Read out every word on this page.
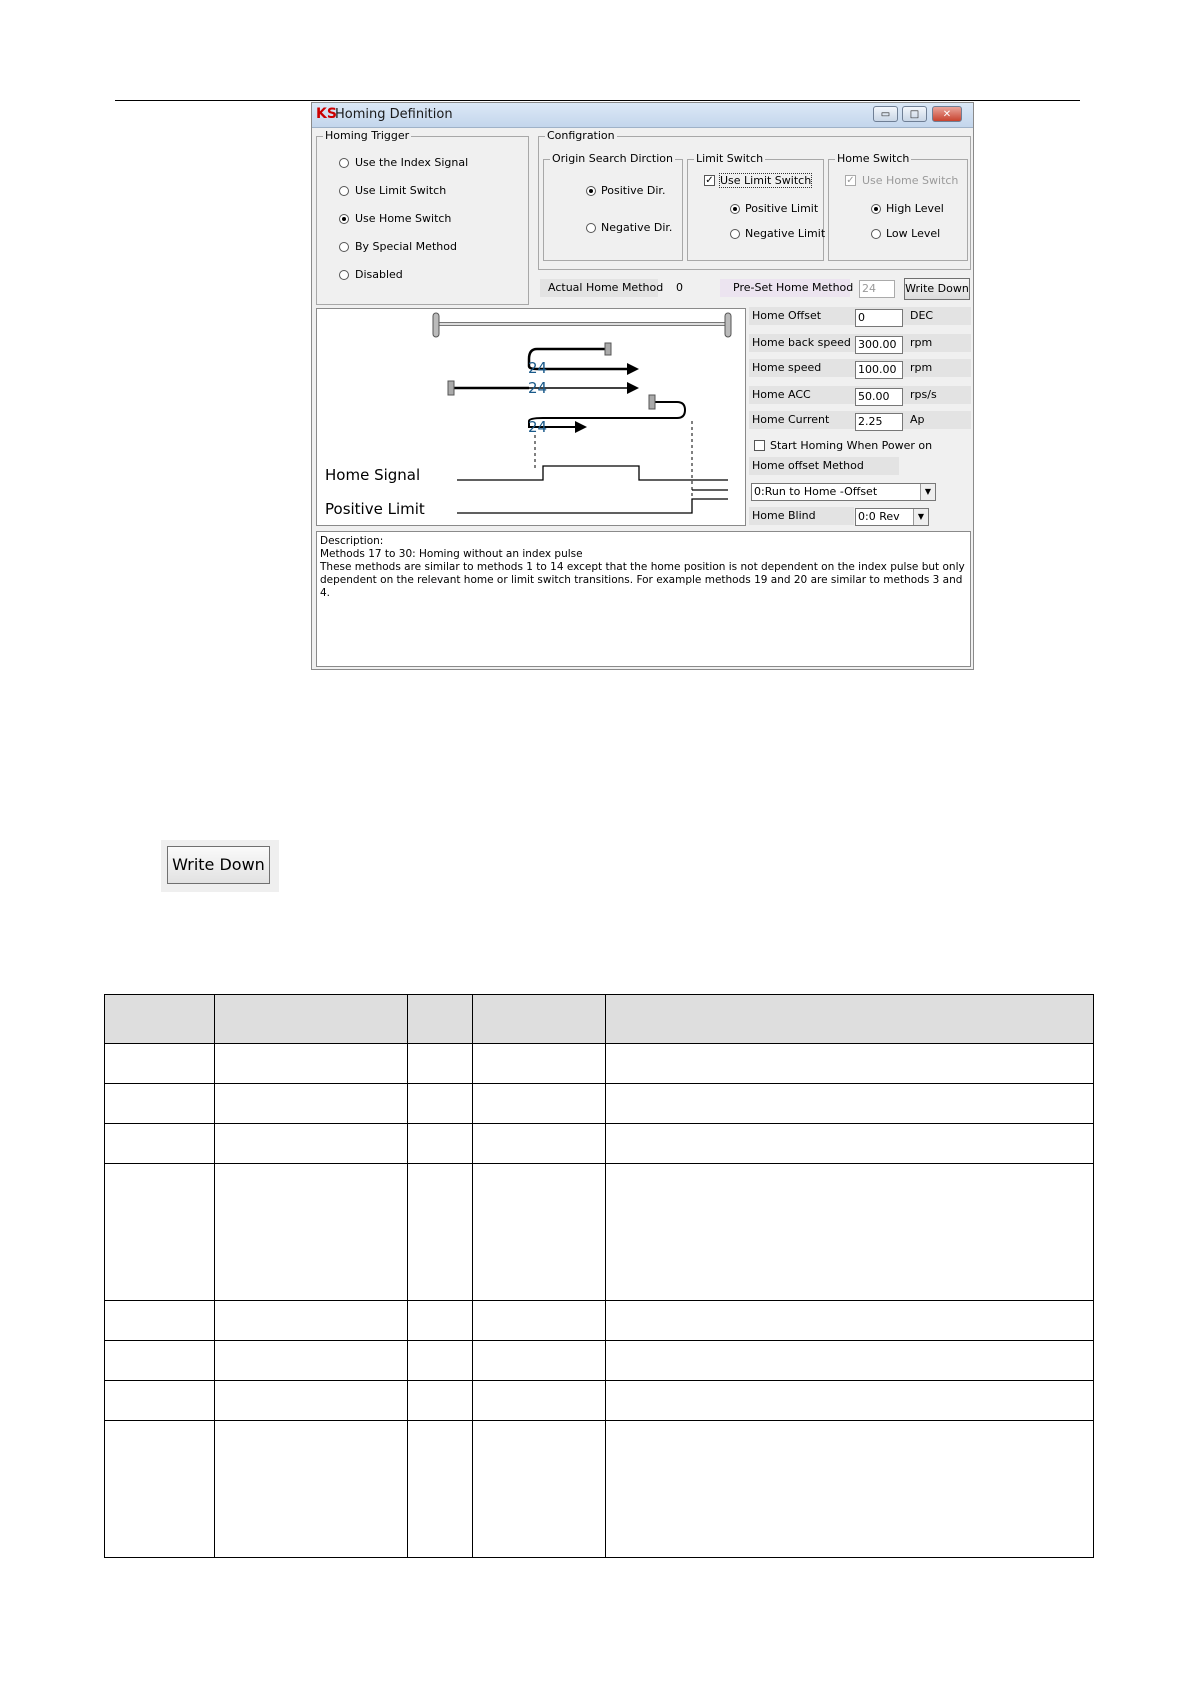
KS
Homing Definition	▭	□	✕
Homing Trigger
Use the Index Signal
Use Limit Switch
Use Home Switch
By Special Method
Disabled
Configration
Origin Search Dirction
Positive Dir.
Negative Dir.
Limit Switch
✓ Use Limit Switch
Positive Limit
Negative Limit
Home Switch
✓ Use Home Switch
High Level
Low Level
Actual Home Method 0	Pre-Set Home Method 24	Write Down
24
24
24
Home Signal
Positive Limit
Home Offset	0	DEC
Home back speed 300.00	rpm
Home speed	100.00	rpm
Home ACC	50.00	rps/s
Home Current	2.25	Ap
Start Homing When Power on
Home offset Method
0:Run to Home -Offset	▼
Home Blind	0:0 Rev	▼
Description:
Methods 17 to 30: Homing without an index pulse
These methods are similar to methods 1 to 14 except that the home position is not dependent on the index pulse but only dependent on the relevant home or limit switch transitions. For example methods 19 and 20 are similar to methods 3 and 4.
Write Down
